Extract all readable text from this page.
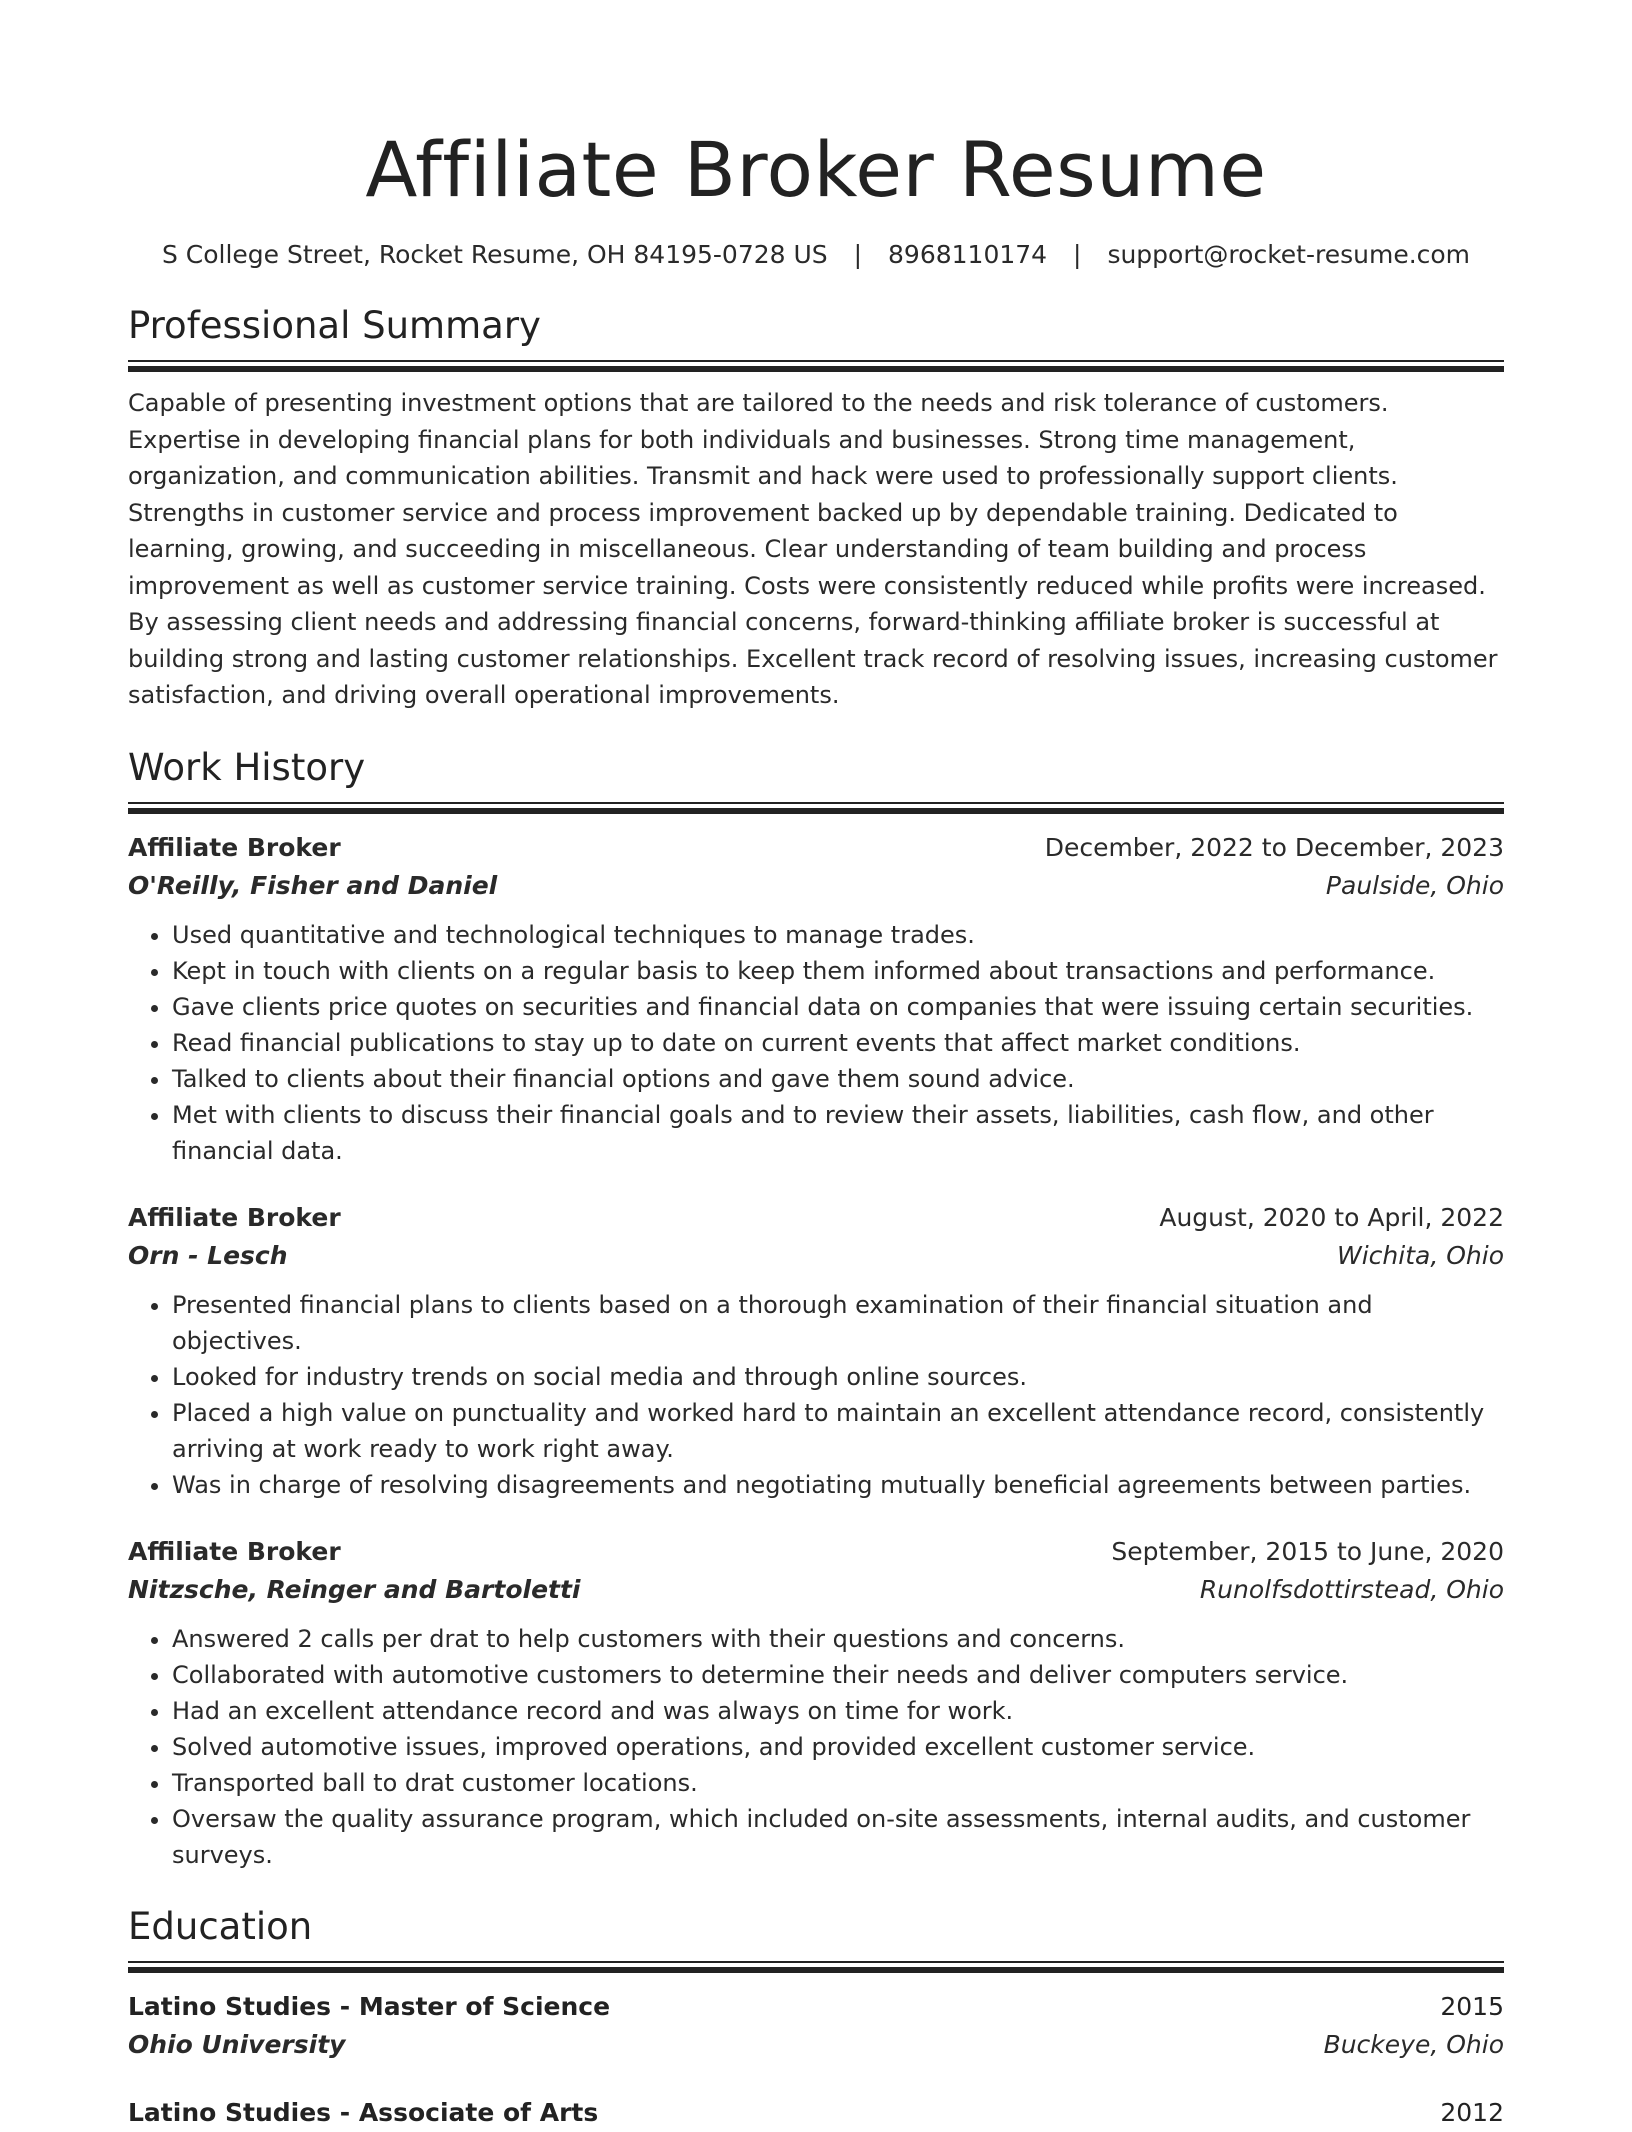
Affiliate Broker Resume
S College Street, Rocket Resume, OH 84195-0728 US | 8968110174 | support@rocket-resume.com
Professional Summary
Capable of presenting investment options that are tailored to the needs and risk tolerance of customers. Expertise in developing financial plans for both individuals and businesses. Strong time management, organization, and communication abilities. Transmit and hack were used to professionally support clients. Strengths in customer service and process improvement backed up by dependable training. Dedicated to learning, growing, and succeeding in miscellaneous. Clear understanding of team building and process improvement as well as customer service training. Costs were consistently reduced while profits were increased. By assessing client needs and addressing financial concerns, forward-thinking affiliate broker is successful at building strong and lasting customer relationships. Excellent track record of resolving issues, increasing customer satisfaction, and driving overall operational improvements.
Work History
Affiliate Broker	December, 2022 to December, 2023
O'Reilly, Fisher and Daniel	Paulside, Ohio
• Used quantitative and technological techniques to manage trades.
• Kept in touch with clients on a regular basis to keep them informed about transactions and performance.
• Gave clients price quotes on securities and financial data on companies that were issuing certain securities.
• Read financial publications to stay up to date on current events that affect market conditions.
• Talked to clients about their financial options and gave them sound advice.
• Met with clients to discuss their financial goals and to review their assets, liabilities, cash flow, and other financial data.
Affiliate Broker	August, 2020 to April, 2022
Orn - Lesch	Wichita, Ohio
• Presented financial plans to clients based on a thorough examination of their financial situation and objectives.
• Looked for industry trends on social media and through online sources.
• Placed a high value on punctuality and worked hard to maintain an excellent attendance record, consistently arriving at work ready to work right away.
• Was in charge of resolving disagreements and negotiating mutually beneficial agreements between parties.
Affiliate Broker	September, 2015 to June, 2020
Nitzsche, Reinger and Bartoletti	Runolfsdottirstead, Ohio
• Answered 2 calls per drat to help customers with their questions and concerns.
• Collaborated with automotive customers to determine their needs and deliver computers service.
• Had an excellent attendance record and was always on time for work.
• Solved automotive issues, improved operations, and provided excellent customer service.
• Transported ball to drat customer locations.
• Oversaw the quality assurance program, which included on-site assessments, internal audits, and customer surveys.
Education
Latino Studies - Master of Science	2015
Ohio University	Buckeye, Ohio
Latino Studies - Associate of Arts	2012
